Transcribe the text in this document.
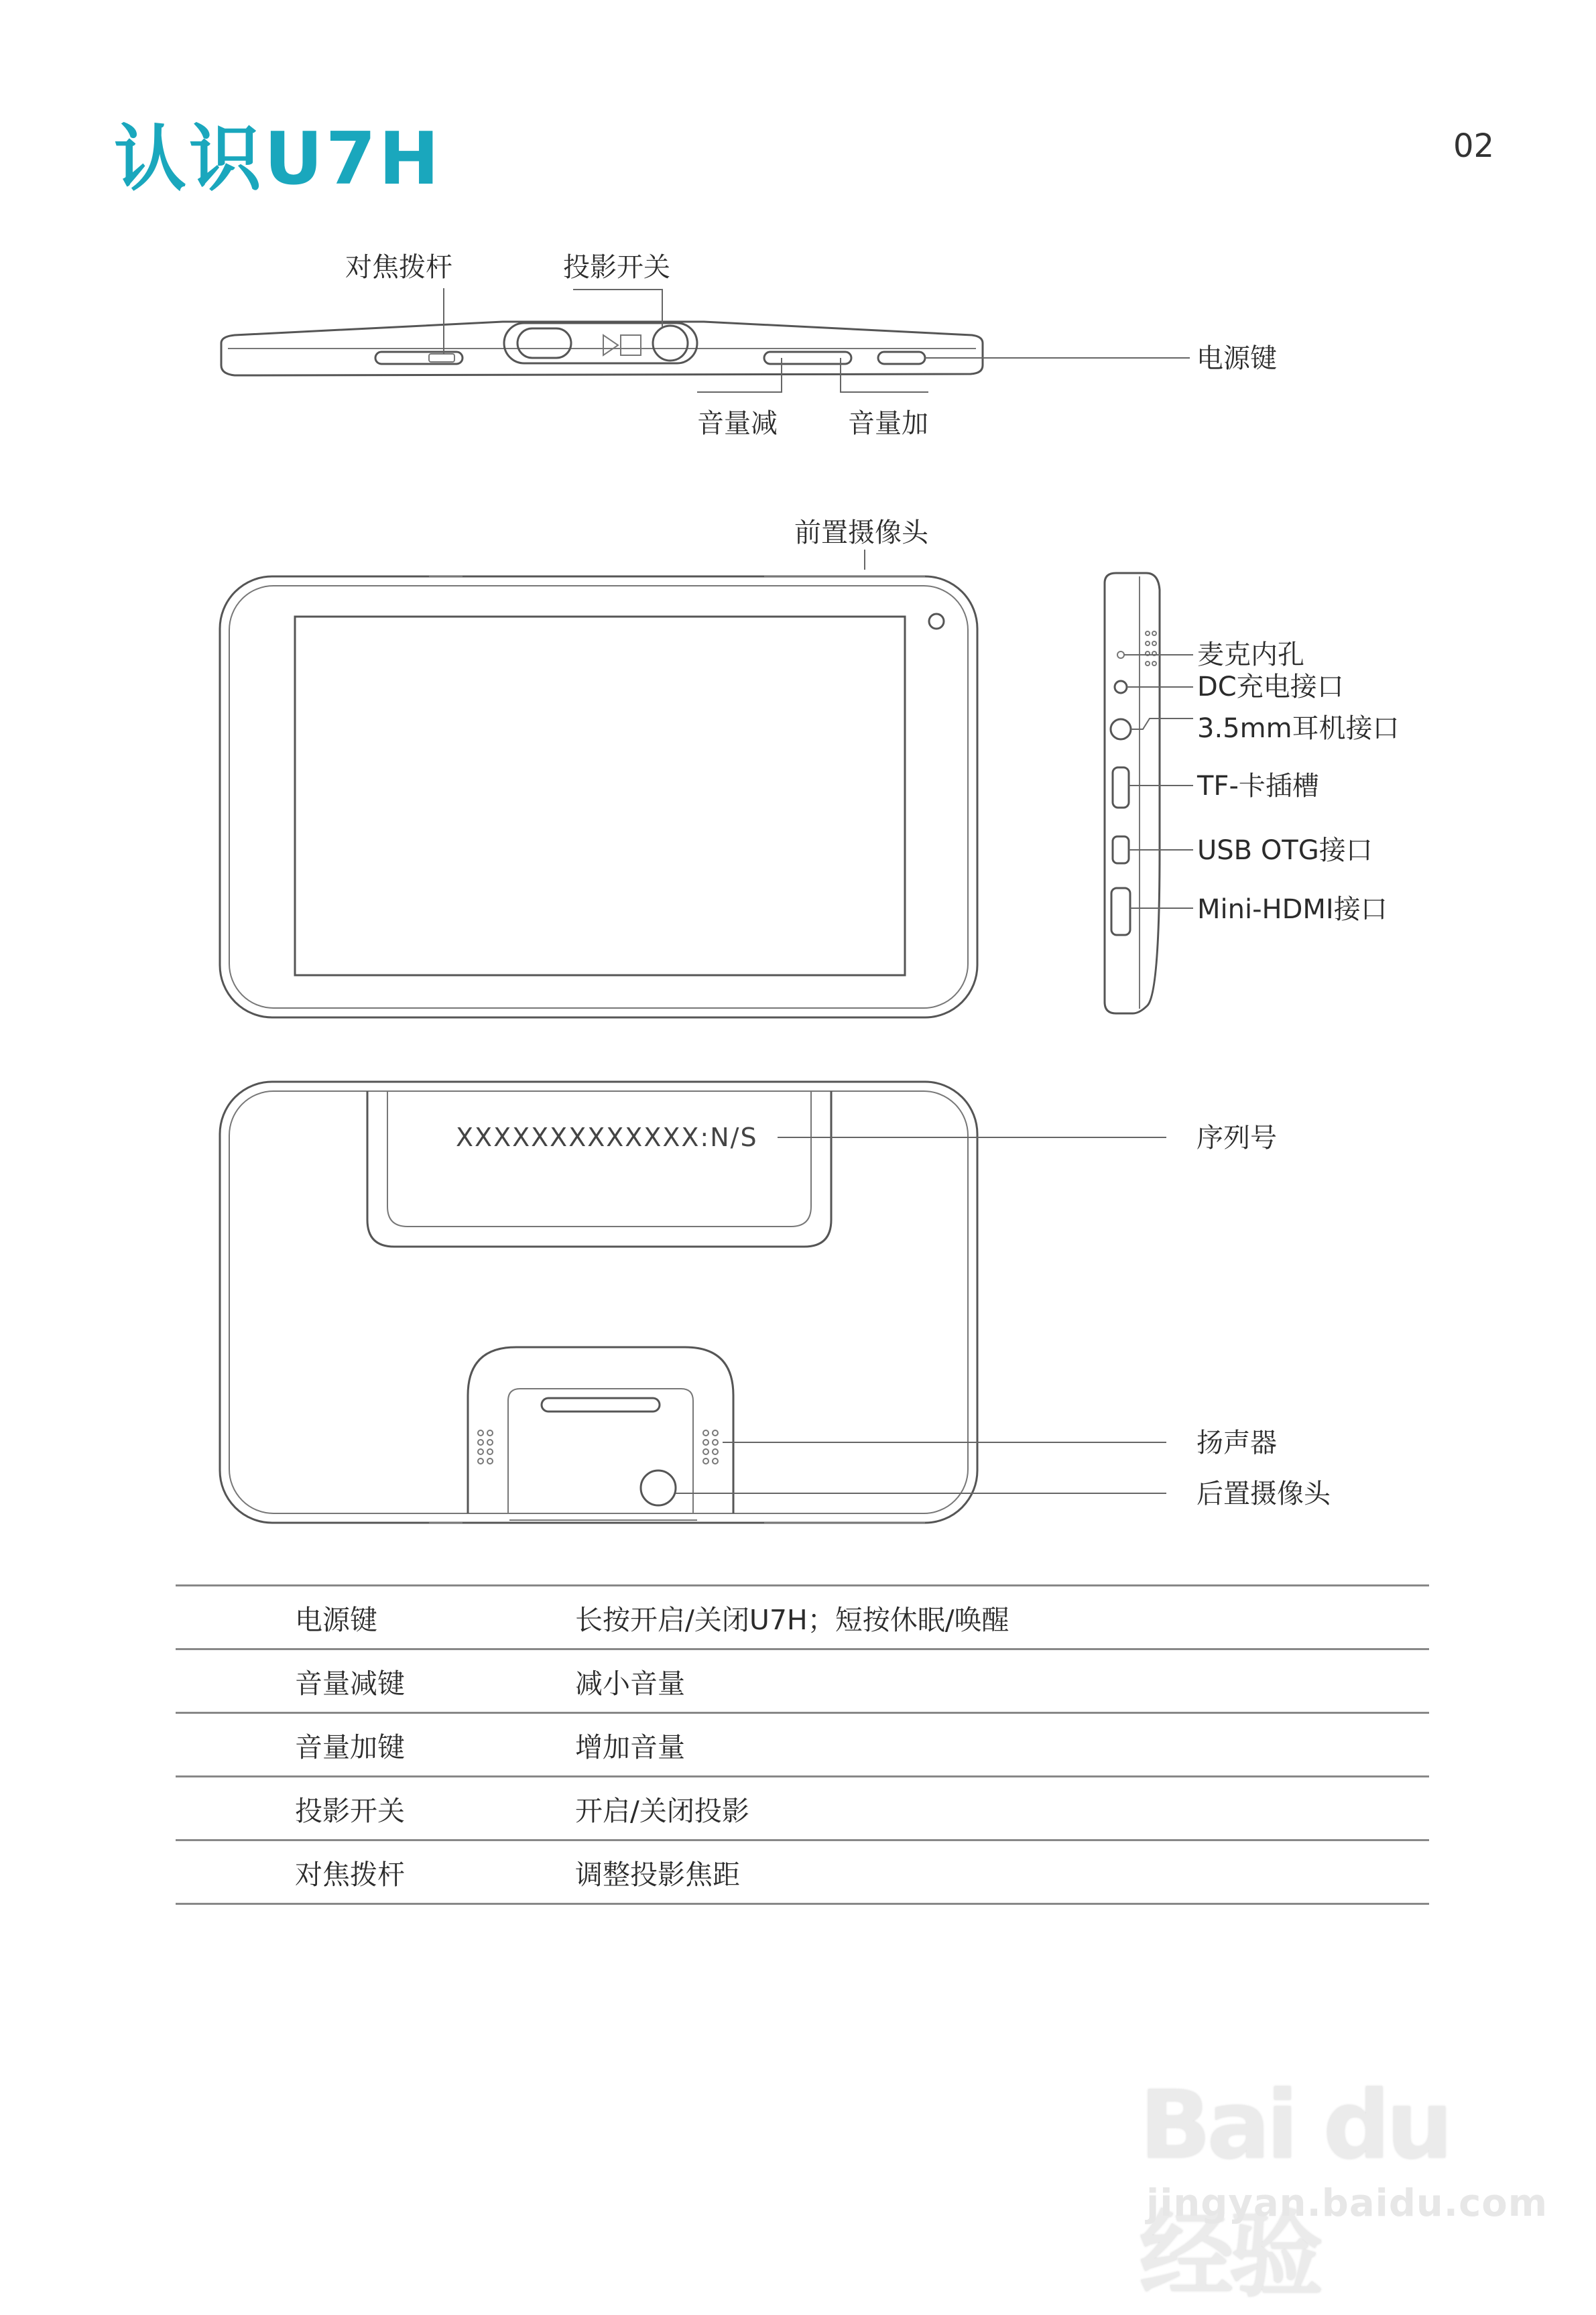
认识U7H	02
对焦拨杆	投影开关
电源键
音量减	音量加
前置摄像头
麦克内孔
DC充电接口
3.5mm耳机接口
TF-卡插槽
USB OTG接口
Mini-HDMI接口
XXXXXXXXXXXXX:N/S	序列号
扬声器
后置摄像头
电源键	长按开启/关闭U7H；短按休眠/唤醒
音量减键	减小音量
音量加键	增加音量
投影开关	开启/关闭投影
对焦拨杆	调整投影焦距
Bai du 经验
jingyan.baidu.com
